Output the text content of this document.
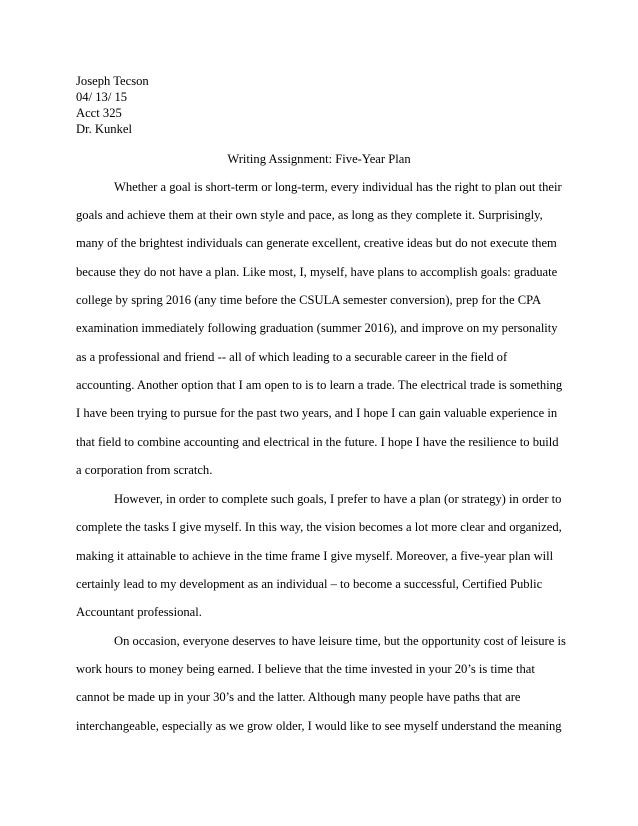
Joseph Tecson
04/ 13/ 15
Acct 325
Dr. Kunkel
Writing Assignment: Five-Year Plan
Whether a goal is short-term or long-term, every individual has the right to plan out their
goals and achieve them at their own style and pace, as long as they complete it. Surprisingly,
many of the brightest individuals can generate excellent, creative ideas but do not execute them
because they do not have a plan. Like most, I, myself, have plans to accomplish goals: graduate
college by spring 2016 (any time before the CSULA semester conversion), prep for the CPA
examination immediately following graduation (summer 2016), and improve on my personality
as a professional and friend -- all of which leading to a securable career in the field of
accounting. Another option that I am open to is to learn a trade. The electrical trade is something
I have been trying to pursue for the past two years, and I hope I can gain valuable experience in
that field to combine accounting and electrical in the future. I hope I have the resilience to build
a corporation from scratch.
However, in order to complete such goals, I prefer to have a plan (or strategy) in order to
complete the tasks I give myself. In this way, the vision becomes a lot more clear and organized,
making it attainable to achieve in the time frame I give myself. Moreover, a five-year plan will
certainly lead to my development as an individual – to become a successful, Certified Public
Accountant professional.
On occasion, everyone deserves to have leisure time, but the opportunity cost of leisure is
work hours to money being earned. I believe that the time invested in your 20’s is time that
cannot be made up in your 30’s and the latter. Although many people have paths that are
interchangeable, especially as we grow older, I would like to see myself understand the meaning
